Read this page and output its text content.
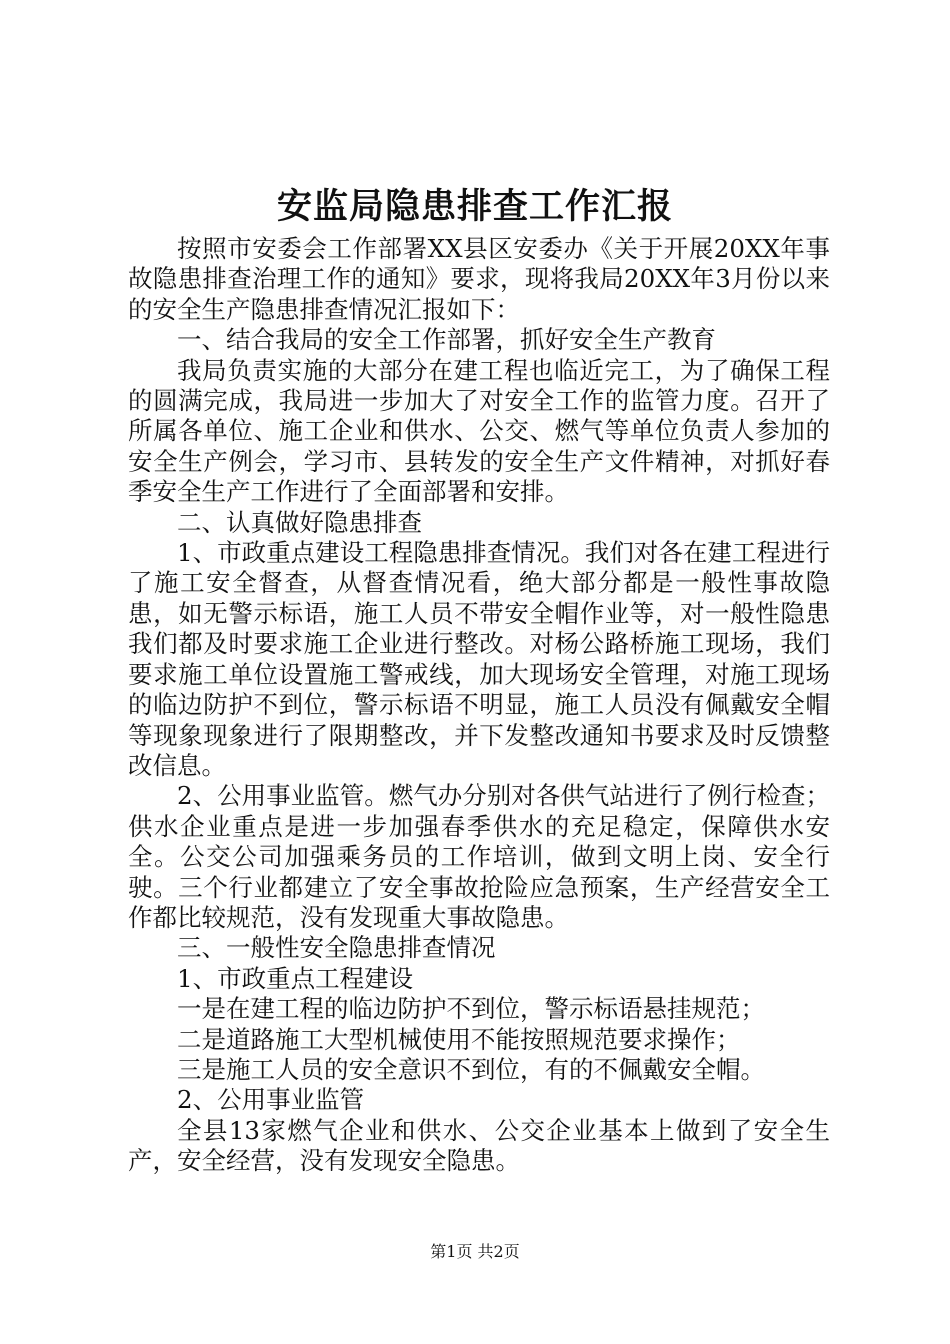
安监局隐患排查工作汇报

按照市安委会工作部署XX县区安委办《关于开展20XX年事故隐患排查治理工作的通知》要求，现将我局20XX年3月份以来的安全生产隐患排查情况汇报如下：

一、结合我局的安全工作部署，抓好安全生产教育

我局负责实施的大部分在建工程也临近完工，为了确保工程的圆满完成，我局进一步加大了对安全工作的监管力度。召开了所属各单位、施工企业和供水、公交、燃气等单位负责人参加的安全生产例会，学习市、县转发的安全生产文件精神，对抓好春季安全生产工作进行了全面部署和安排。

二、认真做好隐患排查

1、市政重点建设工程隐患排查情况。我们对各在建工程进行了施工安全督查，从督查情况看，绝大部分都是一般性事故隐患，如无警示标语，施工人员不带安全帽作业等，对一般性隐患我们都及时要求施工企业进行整改。对杨公路桥施工现场，我们要求施工单位设置施工警戒线，加大现场安全管理，对施工现场的临边防护不到位，警示标语不明显，施工人员没有佩戴安全帽等现象现象进行了限期整改，并下发整改通知书要求及时反馈整改信息。

2、公用事业监管。燃气办分别对各供气站进行了例行检查；供水企业重点是进一步加强春季供水的充足稳定，保障供水安全。公交公司加强乘务员的工作培训，做到文明上岗、安全行驶。三个行业都建立了安全事故抢险应急预案，生产经营安全工作都比较规范，没有发现重大事故隐患。

三、一般性安全隐患排查情况

1、市政重点工程建设

一是在建工程的临边防护不到位，警示标语悬挂规范；

二是道路施工大型机械使用不能按照规范要求操作；

三是施工人员的安全意识不到位，有的不佩戴安全帽。

2、公用事业监管

全县13家燃气企业和供水、公交企业基本上做到了安全生产，安全经营，没有发现安全隐患。

第1页 共2页
